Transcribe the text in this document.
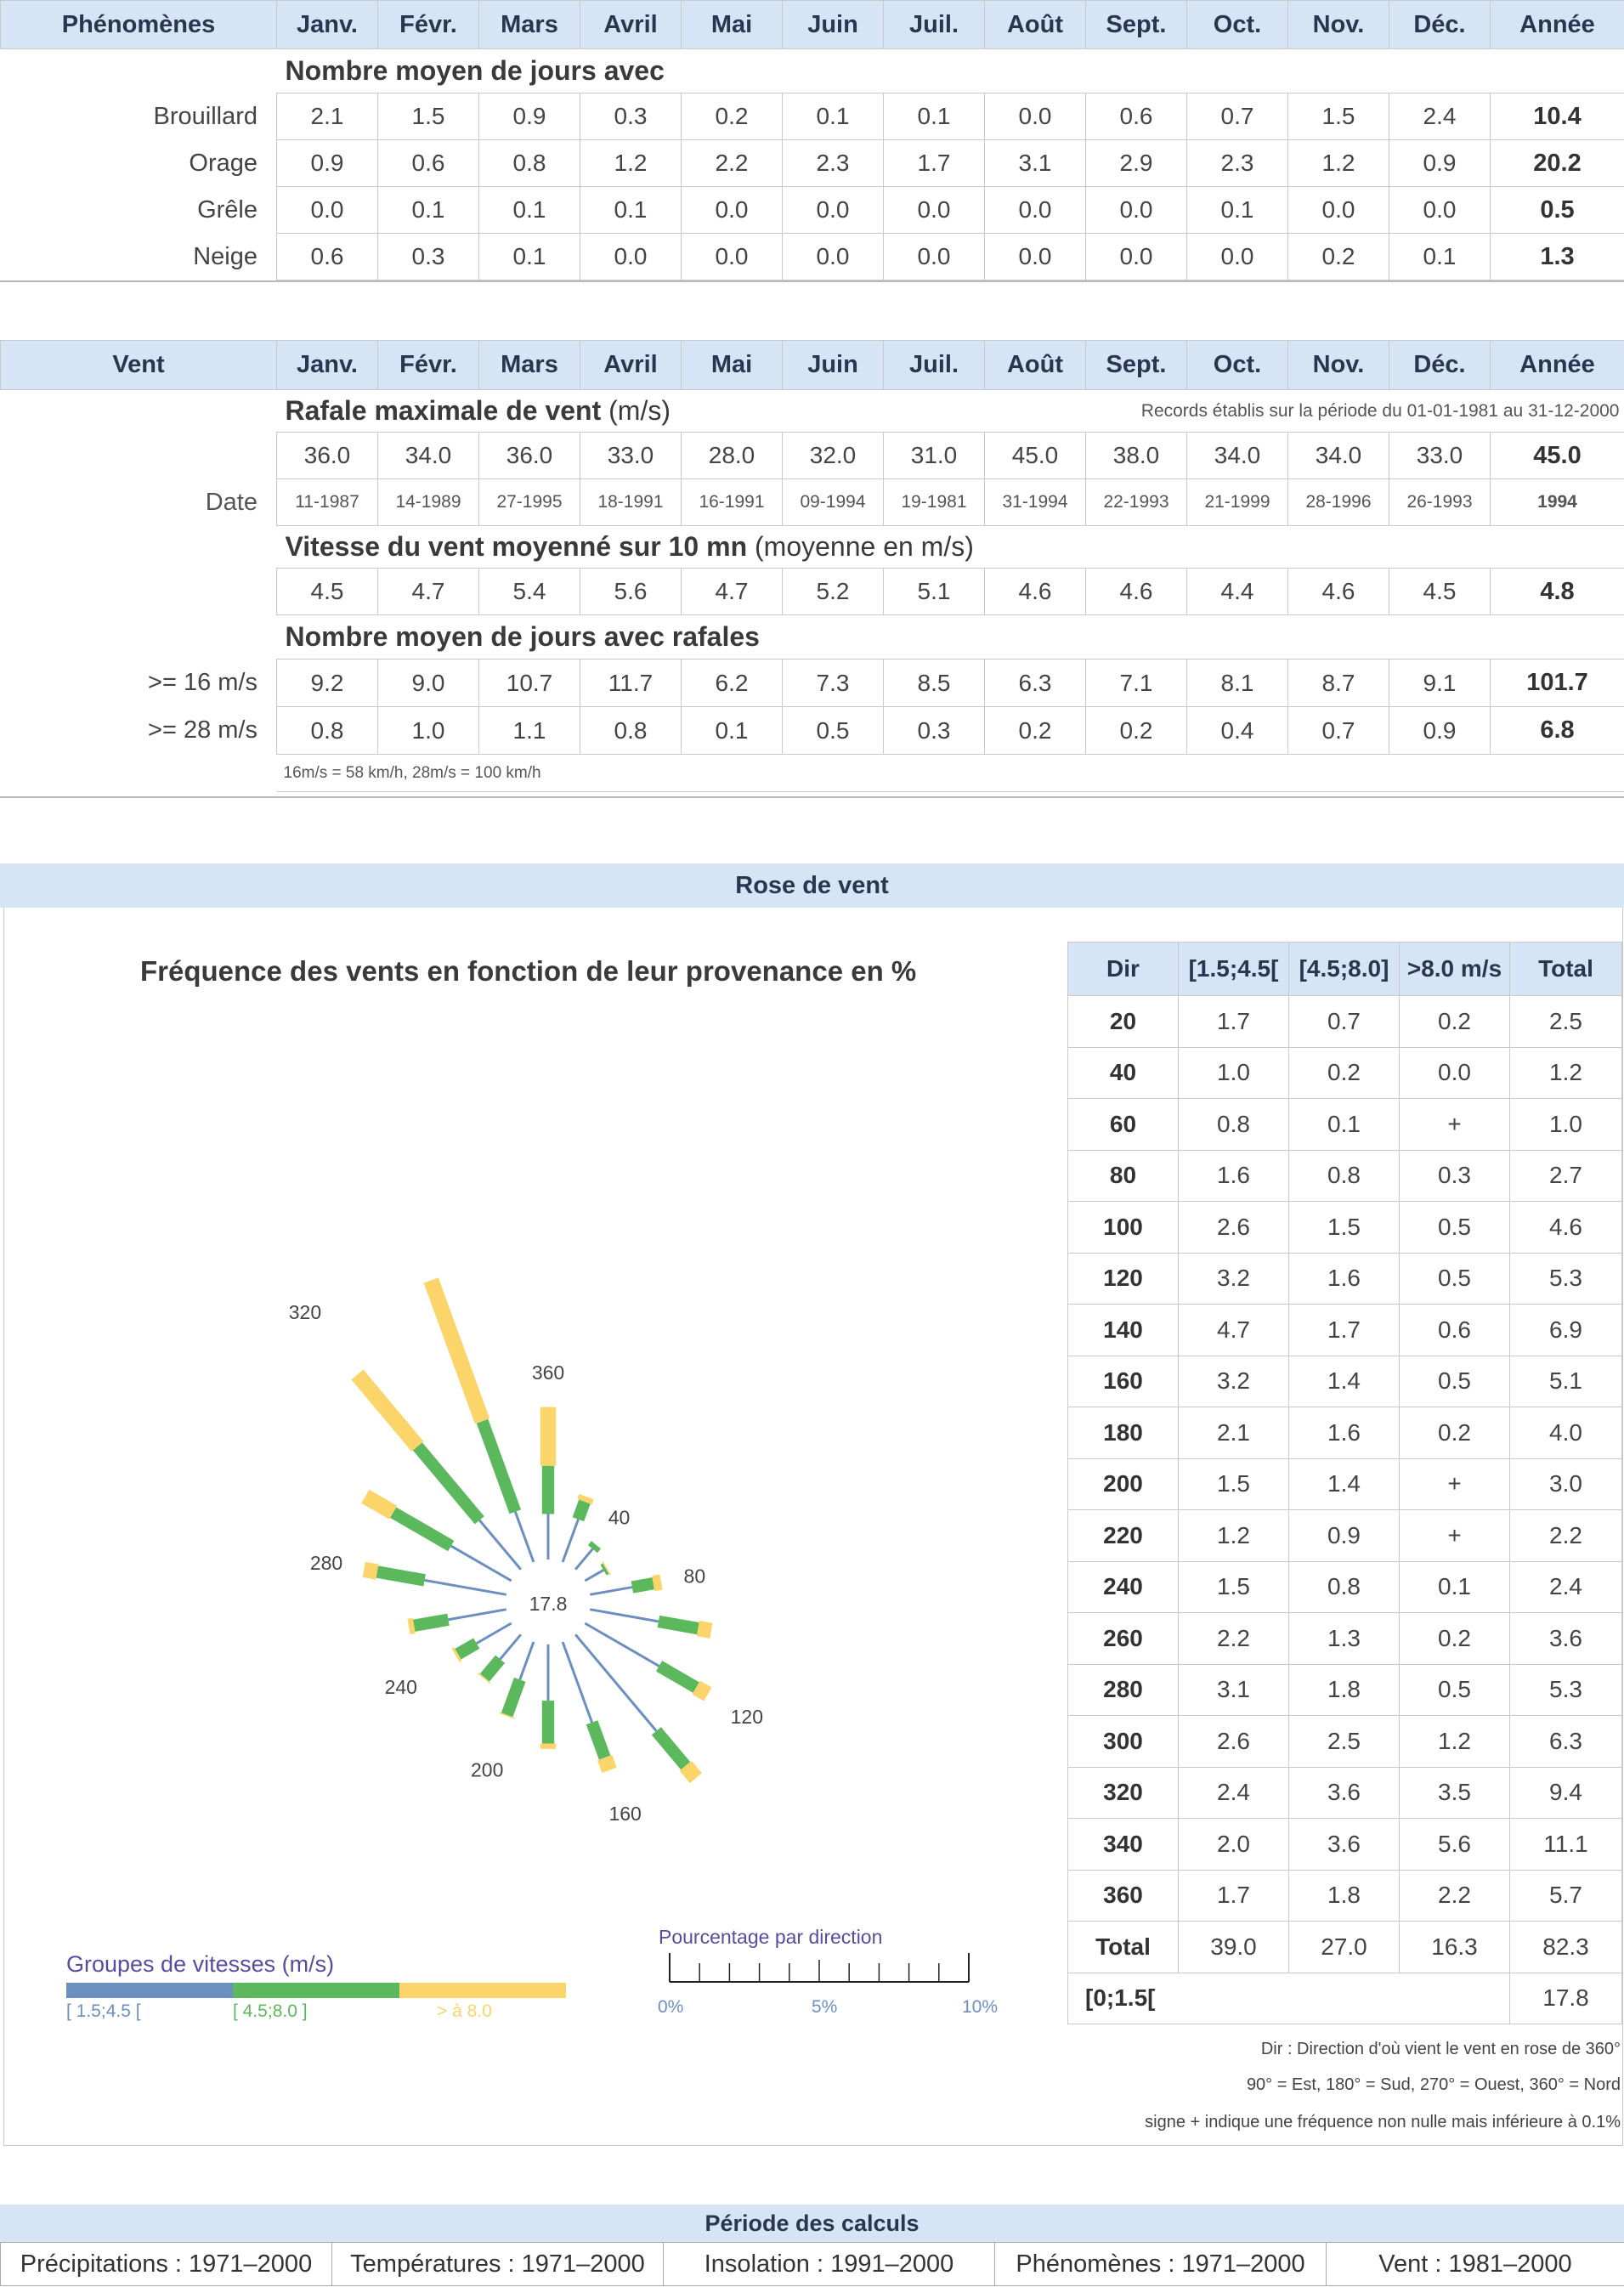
Phénomènes	Janv.	Févr.	Mars	Avril	Mai	Juin	Juil.	Août	Sept.	Oct.	Nov.	Déc.	Année
	Nombre moyen de jours avec												
Brouillard	2.1	1.5	0.9	0.3	0.2	0.1	0.1	0.0	0.6	0.7	1.5	2.4	10.4
Orage	0.9	0.6	0.8	1.2	2.2	2.3	1.7	3.1	2.9	2.3	1.2	0.9	20.2
Grêle	0.0	0.1	0.1	0.1	0.0	0.0	0.0	0.0	0.0	0.1	0.0	0.0	0.5
Neige	0.6	0.3	0.1	0.0	0.0	0.0	0.0	0.0	0.0	0.0	0.2	0.1	1.3
Vent	Janv.	Févr.	Mars	Avril	Mai	Juin	Juil.	Août	Sept.	Oct.	Nov.	Déc.	Année
	Rafale maximale de vent (m/s)						Records établis sur la période du 01-01-1981 au 31-12-2000						
	36.0	34.0	36.0	33.0	28.0	32.0	31.0	45.0	38.0	34.0	34.0	33.0	45.0
Date	11-1987	14-1989	27-1995	18-1991	16-1991	09-1994	19-1981	31-1994	22-1993	21-1999	28-1996	26-1993	1994
	Vitesse du vent moyenné sur 10 mn (moyenne en m/s)												
	4.5	4.7	5.4	5.6	4.7	5.2	5.1	4.6	4.6	4.4	4.6	4.5	4.8
	Nombre moyen de jours avec rafales												
>= 16 m/s	9.2	9.0	10.7	11.7	6.2	7.3	8.5	6.3	7.1	8.1	8.7	9.1	101.7
>= 28 m/s	0.8	1.0	1.1	0.8	0.1	0.5	0.3	0.2	0.2	0.4	0.7	0.9	6.8
	16m/s = 58 km/h, 28m/s = 100 km/h												
Rose de vent
Fréquence des vents en fonction de leur provenance en %
17.8
40
80
120
160
200
240
280
320
360
Groupes de vitesses (m/s)
[ 1.5;4.5 [	[ 4.5;8.0 ]	> à 8.0
Pourcentage par direction
0%	5%	10%
Dir	[1.5;4.5[	[4.5;8.0]	>8.0 m/s	Total
20	1.7	0.7	0.2	2.5
40	1.0	0.2	0.0	1.2
60	0.8	0.1	+	1.0
80	1.6	0.8	0.3	2.7
100	2.6	1.5	0.5	4.6
120	3.2	1.6	0.5	5.3
140	4.7	1.7	0.6	6.9
160	3.2	1.4	0.5	5.1
180	2.1	1.6	0.2	4.0
200	1.5	1.4	+	3.0
220	1.2	0.9	+	2.2
240	1.5	0.8	0.1	2.4
260	2.2	1.3	0.2	3.6
280	3.1	1.8	0.5	5.3
300	2.6	2.5	1.2	6.3
320	2.4	3.6	3.5	9.4
340	2.0	3.6	5.6	11.1
360	1.7	1.8	2.2	5.7
Total	39.0	27.0	16.3	82.3
[0;1.5[				17.8
Dir : Direction d'où vient le vent en rose de 360°
90° = Est, 180° = Sud, 270° = Ouest, 360° = Nord
signe + indique une fréquence non nulle mais inférieure à 0.1%
Période des calculs
Précipitations : 1971–2000	Températures : 1971–2000	Insolation : 1991–2000	Phénomènes : 1971–2000	Vent : 1981–2000
